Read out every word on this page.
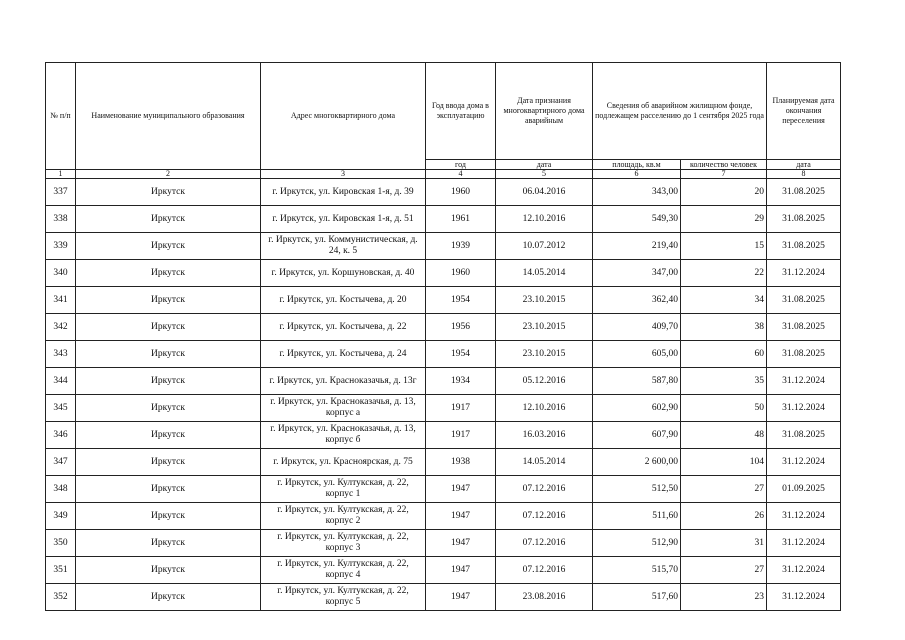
№ п/п	Наименование муниципального образования	Адрес многоквартирного дома	Год ввода дома в эксплуатацию	Дата признания многоквартирного дома аварийным	Сведения об аварийном жилищном фонде, подлежащем расселению до 1 сентября 2025 года		Планируемая дата окончания переселения
			год	дата	площадь, кв.м	количество человек	дата
1	2	3	4	5	6	7	8
337	Иркутск	г. Иркутск, ул. Кировская 1-я, д. 39	1960	06.04.2016	343,00	20	31.08.2025
338	Иркутск	г. Иркутск, ул. Кировская 1-я, д. 51	1961	12.10.2016	549,30	29	31.08.2025
339	Иркутск	г. Иркутск, ул. Коммунистическая, д. 24, к. 5	1939	10.07.2012	219,40	15	31.08.2025
340	Иркутск	г. Иркутск, ул. Коршуновская, д. 40	1960	14.05.2014	347,00	22	31.12.2024
341	Иркутск	г. Иркутск, ул. Костычева, д. 20	1954	23.10.2015	362,40	34	31.08.2025
342	Иркутск	г. Иркутск, ул. Костычева, д. 22	1956	23.10.2015	409,70	38	31.08.2025
343	Иркутск	г. Иркутск, ул. Костычева, д. 24	1954	23.10.2015	605,00	60	31.08.2025
344	Иркутск	г. Иркутск, ул. Красноказачья, д. 13г	1934	05.12.2016	587,80	35	31.12.2024
345	Иркутск	г. Иркутск, ул. Красноказачья, д. 13, корпус а	1917	12.10.2016	602,90	50	31.12.2024
346	Иркутск	г. Иркутск, ул. Красноказачья, д. 13, корпус б	1917	16.03.2016	607,90	48	31.08.2025
347	Иркутск	г. Иркутск, ул. Красноярская, д. 75	1938	14.05.2014	2 600,00	104	31.12.2024
348	Иркутск	г. Иркутск, ул. Култукская, д. 22, корпус 1	1947	07.12.2016	512,50	27	01.09.2025
349	Иркутск	г. Иркутск, ул. Култукская, д. 22, корпус 2	1947	07.12.2016	511,60	26	31.12.2024
350	Иркутск	г. Иркутск, ул. Култукская, д. 22, корпус 3	1947	07.12.2016	512,90	31	31.12.2024
351	Иркутск	г. Иркутск, ул. Култукская, д. 22, корпус 4	1947	07.12.2016	515,70	27	31.12.2024
352	Иркутск	г. Иркутск, ул. Култукская, д. 22, корпус 5	1947	23.08.2016	517,60	23	31.12.2024
